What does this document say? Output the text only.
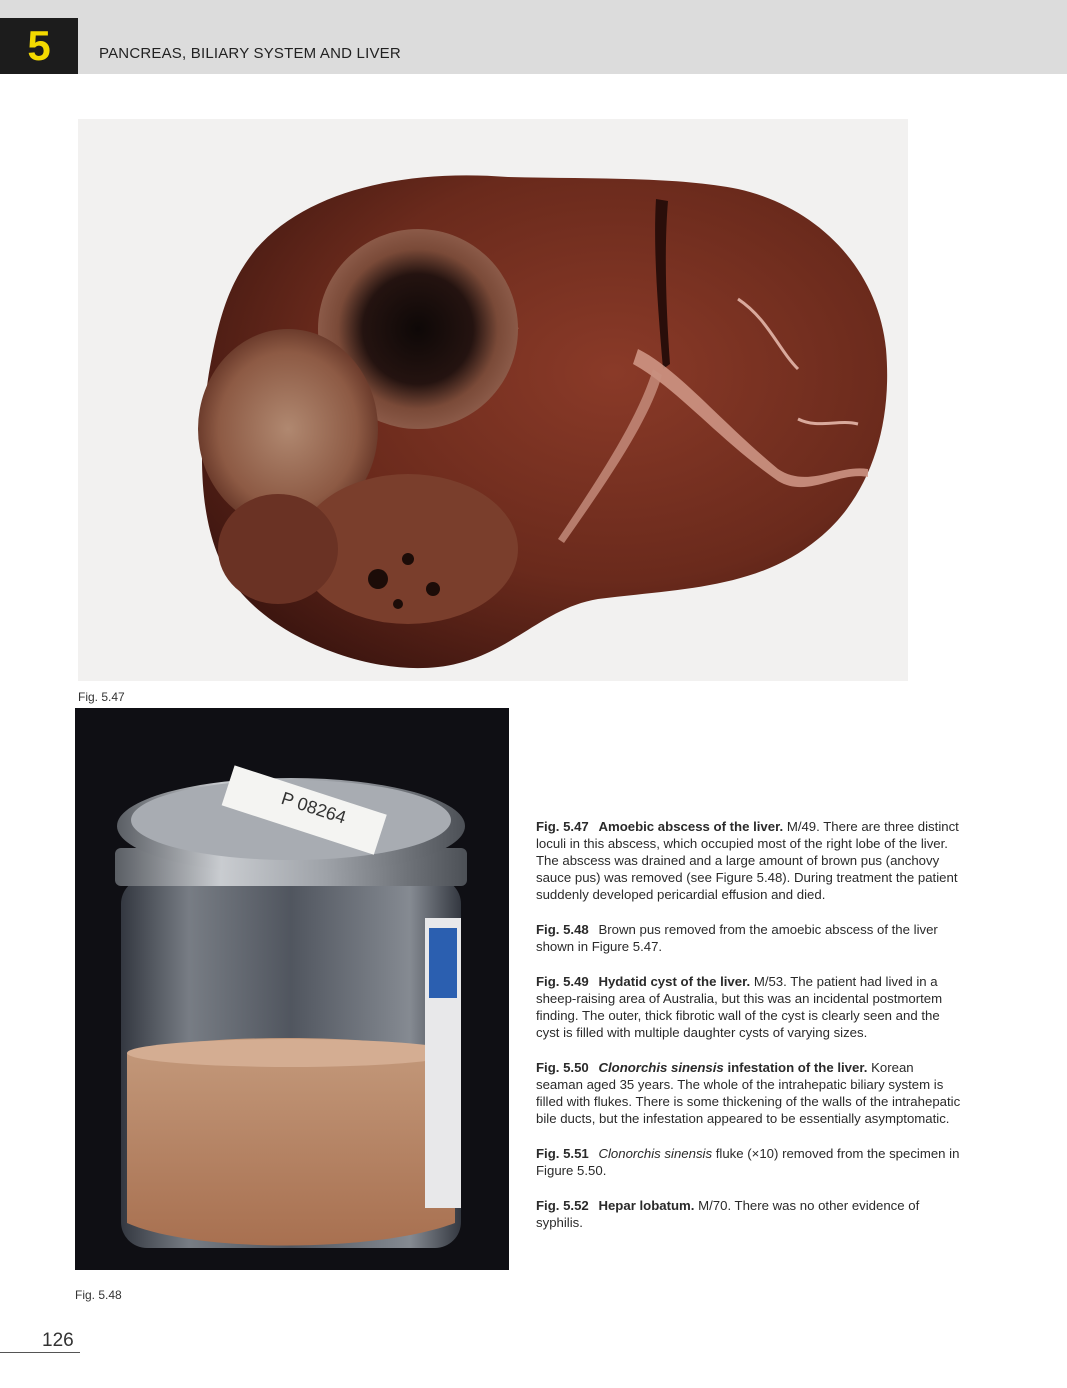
5	PANCREAS, BILIARY SYSTEM AND LIVER
Fig. 5.47
P 08264
Fig. 5.48

Fig. 5.47 Amoebic abscess of the liver. M/49. There are three distinct loculi in this abscess, which occupied most of the right lobe of the liver. The abscess was drained and a large amount of brown pus (anchovy sauce pus) was removed (see Figure 5.48). During treatment the patient suddenly developed pericardial effusion and died.

Fig. 5.48 Brown pus removed from the amoebic abscess of the liver shown in Figure 5.47.

Fig. 5.49 Hydatid cyst of the liver. M/53. The patient had lived in a sheep-raising area of Australia, but this was an incidental postmortem finding. The outer, thick fibrotic wall of the cyst is clearly seen and the cyst is filled with multiple daughter cysts of varying sizes.

Fig. 5.50 Clonorchis sinensis infestation of the liver. Korean seaman aged 35 years. The whole of the intrahepatic biliary system is filled with flukes. There is some thickening of the walls of the intrahepatic bile ducts, but the infestation appeared to be essentially asymptomatic.

Fig. 5.51 Clonorchis sinensis fluke (×10) removed from the specimen in Figure 5.50.

Fig. 5.52 Hepar lobatum. M/70. There was no other evidence of syphilis.

126
